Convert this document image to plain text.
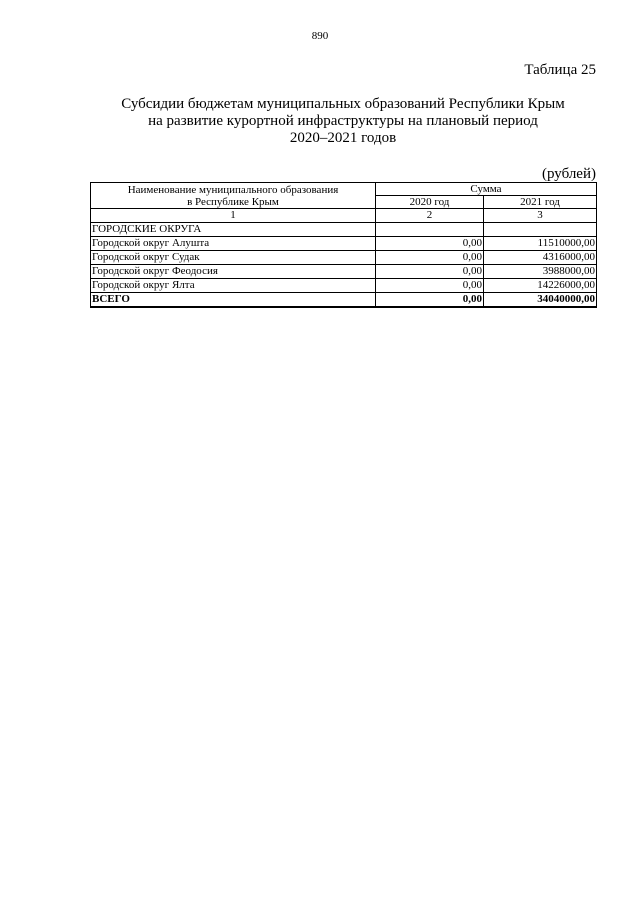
890
Таблица 25
Субсидии бюджетам муниципальных образований Республики Крым
на развитие курортной инфраструктуры на плановый период
2020–2021 годов
(рублей)
Наименование муниципального образования
в Республике Крым	Сумма	
	2020 год	2021 год
1	2	3
ГОРОДСКИЕ ОКРУГА		
Городской округ Алушта	0,00	11510000,00
Городской округ Судак	0,00	4316000,00
Городской округ Феодосия	0,00	3988000,00
Городской округ Ялта	0,00	14226000,00
ВСЕГО	0,00	34040000,00
